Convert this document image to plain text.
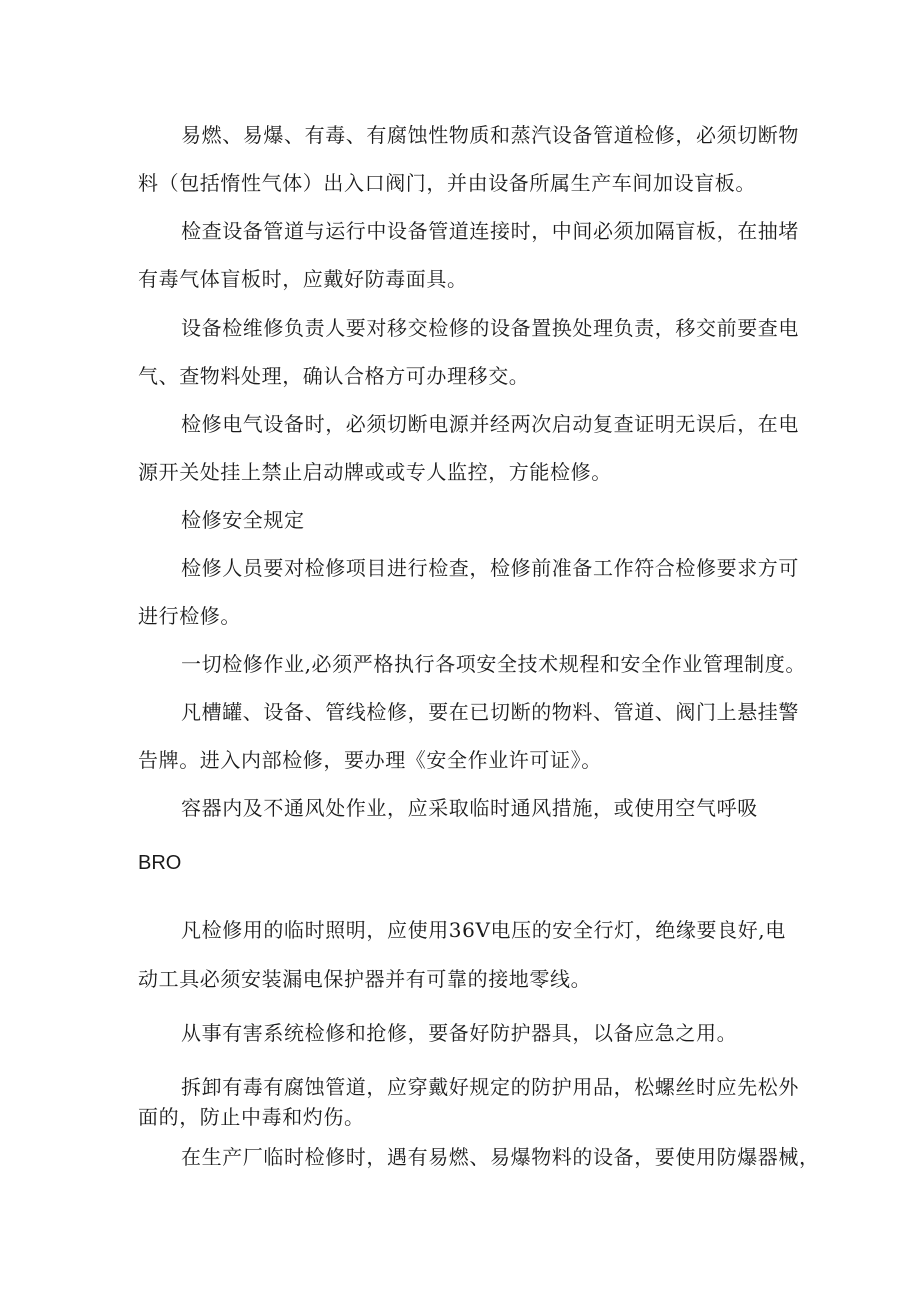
易燃、易爆、有毒、有腐蚀性物质和蒸汽设备管道检修，必须切断物
料（包括惰性气体）出入口阀门，并由设备所属生产车间加设盲板。
检查设备管道与运行中设备管道连接时，中间必须加隔盲板，在抽堵
有毒气体盲板时，应戴好防毒面具。
设备检维修负责人要对移交检修的设备置换处理负责，移交前要查电
气、查物料处理，确认合格方可办理移交。
检修电气设备时，必须切断电源并经两次启动复查证明无误后，在电
源开关处挂上禁止启动牌或或专人监控，方能检修。
检修安全规定
检修人员要对检修项目进行检查，检修前准备工作符合检修要求方可
进行检修。
一切检修作业,必须严格执行各项安全技术规程和安全作业管理制度。
凡槽罐、设备、管线检修，要在已切断的物料、管道、阀门上悬挂警
告牌。进入内部检修，要办理《安全作业许可证》。
容器内及不通风处作业，应采取临时通风措施，或使用空气呼吸
BRO
凡检修用的临时照明，应使用36V电压的安全行灯，绝缘要良好,电
动工具必须安装漏电保护器并有可靠的接地零线。
从事有害系统检修和抢修，要备好防护器具，以备应急之用。
拆卸有毒有腐蚀管道，应穿戴好规定的防护用品，松螺丝时应先松外
面的，防止中毒和灼伤。
在生产厂临时检修时，遇有易燃、易爆物料的设备，要使用防爆器械，
